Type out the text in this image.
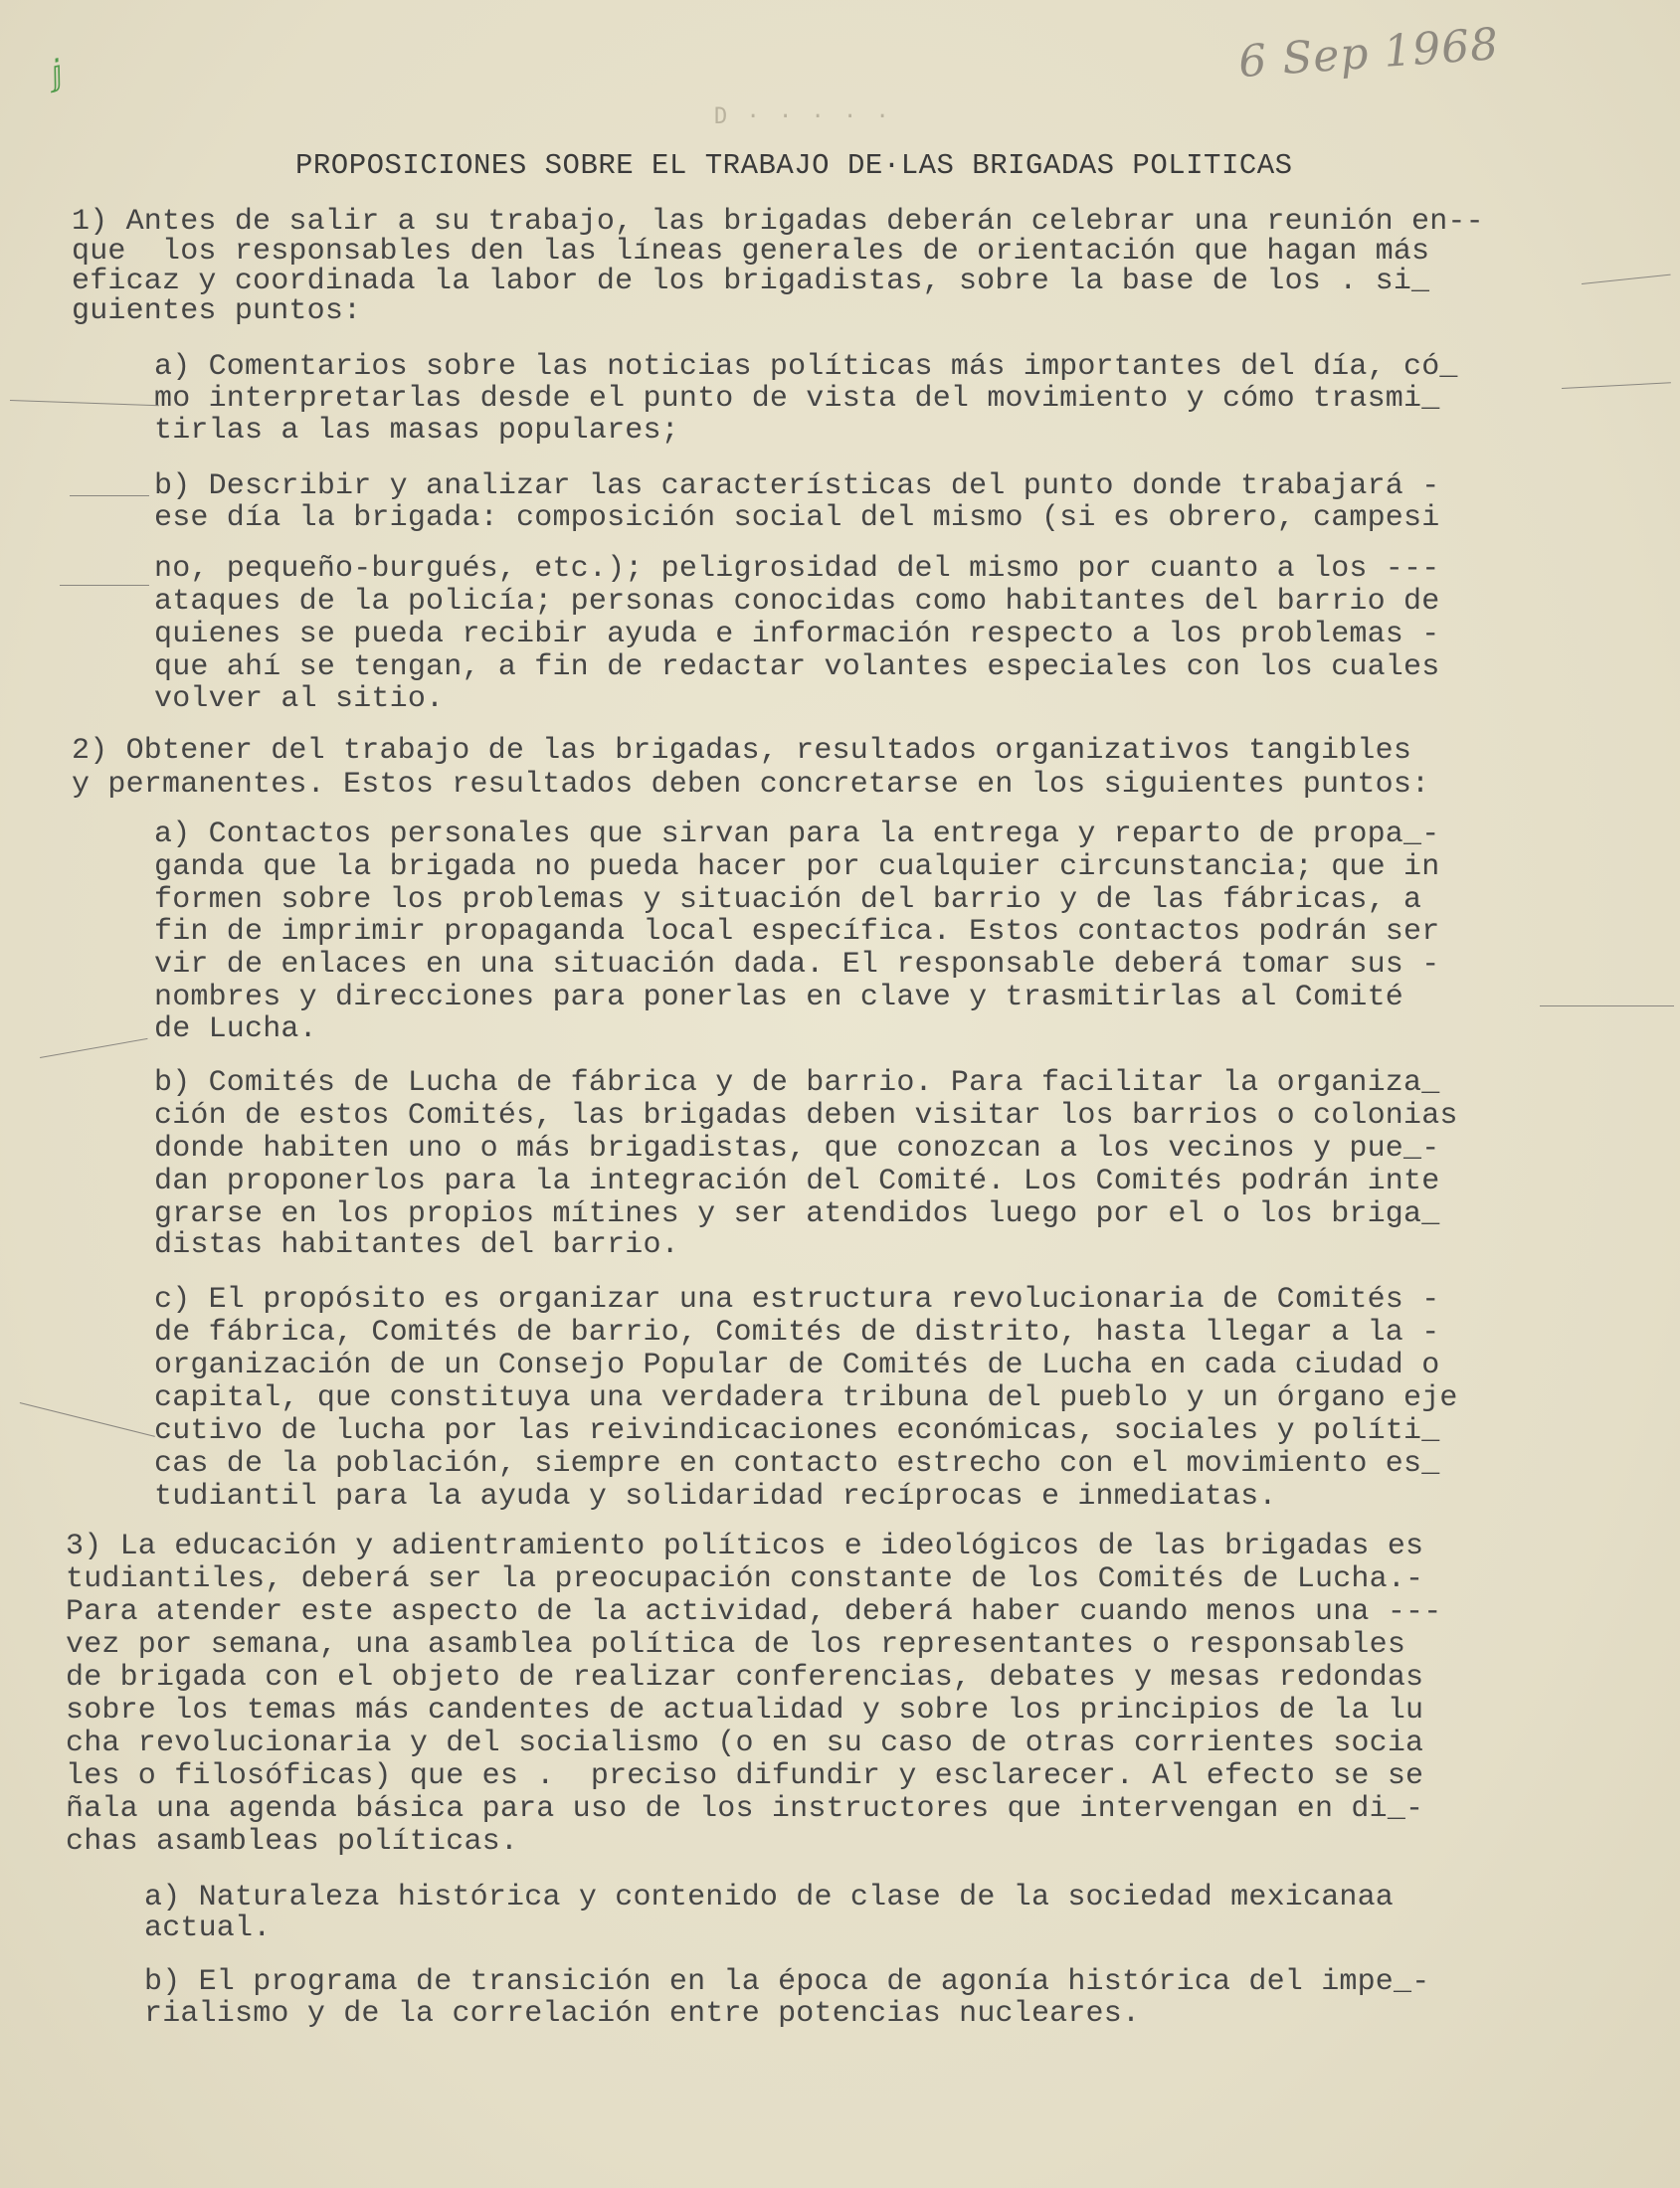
ⅉ	6 Sep 1968
D · · · · ·
PROPOSICIONES SOBRE EL TRABAJO DE·LAS BRIGADAS POLITICAS
1) Antes de salir a su trabajo, las brigadas deberán celebrar una reunión en--
que  los responsables den las líneas generales de orientación que hagan más
eficaz y coordinada la labor de los brigadistas, sobre la base de los . si_
guientes puntos:
a) Comentarios sobre las noticias políticas más importantes del día, có_
mo interpretarlas desde el punto de vista del movimiento y cómo trasmi_
tirlas a las masas populares;
b) Describir y analizar las características del punto donde trabajará -
ese día la brigada: composición social del mismo (si es obrero, campesi
no, pequeño-burgués, etc.); peligrosidad del mismo por cuanto a los ---
ataques de la policía; personas conocidas como habitantes del barrio de
quienes se pueda recibir ayuda e información respecto a los problemas -
que ahí se tengan, a fin de redactar volantes especiales con los cuales
volver al sitio.
2) Obtener del trabajo de las brigadas, resultados organizativos tangibles
y permanentes. Estos resultados deben concretarse en los siguientes puntos:
a) Contactos personales que sirvan para la entrega y reparto de propa_-
ganda que la brigada no pueda hacer por cualquier circunstancia; que in
formen sobre los problemas y situación del barrio y de las fábricas, a
fin de imprimir propaganda local específica. Estos contactos podrán ser
vir de enlaces en una situación dada. El responsable deberá tomar sus -
nombres y direcciones para ponerlas en clave y trasmitirlas al Comité
de Lucha.
b) Comités de Lucha de fábrica y de barrio. Para facilitar la organiza_
ción de estos Comités, las brigadas deben visitar los barrios o colonias
donde habiten uno o más brigadistas, que conozcan a los vecinos y pue_-
dan proponerlos para la integración del Comité. Los Comités podrán inte
grarse en los propios mítines y ser atendidos luego por el o los briga_
distas habitantes del barrio.
c) El propósito es organizar una estructura revolucionaria de Comités -
de fábrica, Comités de barrio, Comités de distrito, hasta llegar a la -
organización de un Consejo Popular de Comités de Lucha en cada ciudad o
capital, que constituya una verdadera tribuna del pueblo y un órgano eje
cutivo de lucha por las reivindicaciones económicas, sociales y políti_
cas de la población, siempre en contacto estrecho con el movimiento es_
tudiantil para la ayuda y solidaridad recíprocas e inmediatas.
3) La educación y adientramiento políticos e ideológicos de las brigadas es
tudiantiles, deberá ser la preocupación constante de los Comités de Lucha.-
Para atender este aspecto de la actividad, deberá haber cuando menos una ---
vez por semana, una asamblea política de los representantes o responsables
de brigada con el objeto de realizar conferencias, debates y mesas redondas
sobre los temas más candentes de actualidad y sobre los principios de la lu
cha revolucionaria y del socialismo (o en su caso de otras corrientes socia
les o filosóficas) que es .  preciso difundir y esclarecer. Al efecto se se
ñala una agenda básica para uso de los instructores que intervengan en di_-
chas asambleas políticas.
a) Naturaleza histórica y contenido de clase de la sociedad mexicanaa
actual.
b) El programa de transición en la época de agonía histórica del impe_-
rialismo y de la correlación entre potencias nucleares.
